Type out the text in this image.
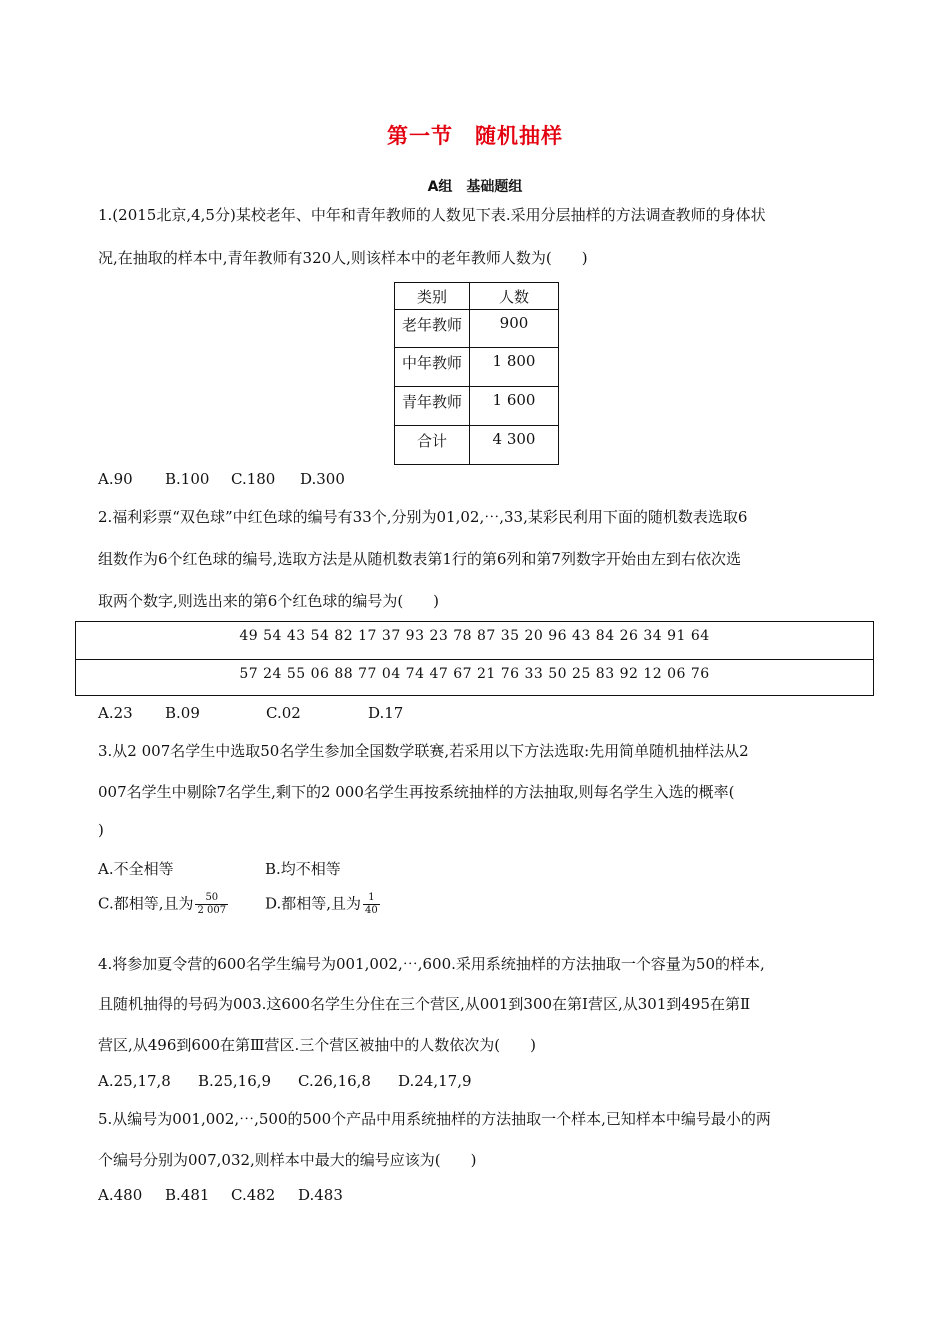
第一节　随机抽样
A组　基础题组
1.(2015北京,4,5分)某校老年、中年和青年教师的人数见下表.采用分层抽样的方法调查教师的身体状
况,在抽取的样本中,青年教师有320人,则该样本中的老年教师人数为(　　)
类别	人数
老年教师	900
中年教师	1 800
青年教师	1 600
合计	4 300
A.90 B.100 C.180 D.300
2.福利彩票“双色球”中红色球的编号有33个,分别为01,02,⋯,33,某彩民利用下面的随机数表选取6
组数作为6个红色球的编号,选取方法是从随机数表第1行的第6列和第7列数字开始由左到右依次选
取两个数字,则选出来的第6个红色球的编号为(　　)
49 54 43 54 82 17 37 93 23 78 87 35 20 96 43 84 26 34 91 64
57 24 55 06 88 77 04 74 47 67 21 76 33 50 25 83 92 12 06 76
A.23 B.09	C.02	D.17
3.从2 007名学生中选取50名学生参加全国数学联赛,若采用以下方法选取:先用简单随机抽样法从2
007名学生中剔除7名学生,剩下的2 000名学生再按系统抽样的方法抽取,则每名学生入选的概率(
)
A.不全相等	B.均不相等
C.都相等,且为 $\frac{50}{2 007} D$.都相等,且为 $\frac{1}{40}$
4.将参加夏令营的600名学生编号为001,002,⋯,600.采用系统抽样的方法抽取一个容量为50的样本,
且随机抽得的号码为003.这600名学生分住在三个营区,从001到300在第Ⅰ营区,从301到495在第Ⅱ
营区,从496到600在第Ⅲ营区.三个营区被抽中的人数依次为(　　)
A.25,17,8 B.25,16,9 C.26,16,8 D.24,17,9
5.从编号为001,002,⋯,500的500个产品中用系统抽样的方法抽取一个样本,已知样本中编号最小的两
个编号分别为007,032,则样本中最大的编号应该为(　　)
A.480 B.481 C.482 D.483
